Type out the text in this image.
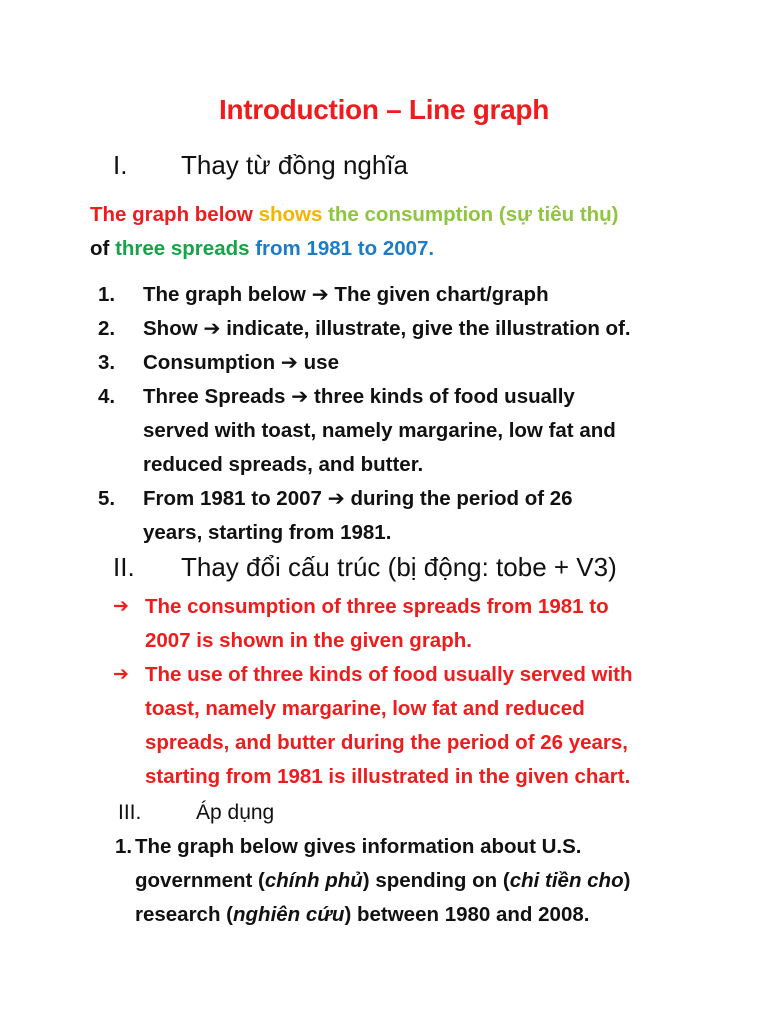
Introduction – Line graph
I. Thay từ đồng nghĩa
The graph below shows the consumption (sự tiêu thụ)
of three spreads from 1981 to 2007.
1. The graph below ➔ The given chart/graph
2. Show ➔ indicate, illustrate, give the illustration of.
3. Consumption ➔ use
4. Three Spreads ➔ three kinds of food usually
served with toast, namely margarine, low fat and
reduced spreads, and butter.
5. From 1981 to 2007 ➔ during the period of 26
years, starting from 1981.
II. Thay đổi cấu trúc (bị động: tobe + V3)
➔ The consumption of three spreads from 1981 to
2007 is shown in the given graph.
➔ The use of three kinds of food usually served with
toast, namely margarine, low fat and reduced
spreads, and butter during the period of 26 years,
starting from 1981 is illustrated in the given chart.
III.	Áp dụng
1. The graph below gives information about U.S.
government (chính phủ) spending on (chi tiền cho)
research (nghiên cứu) between 1980 and 2008.
